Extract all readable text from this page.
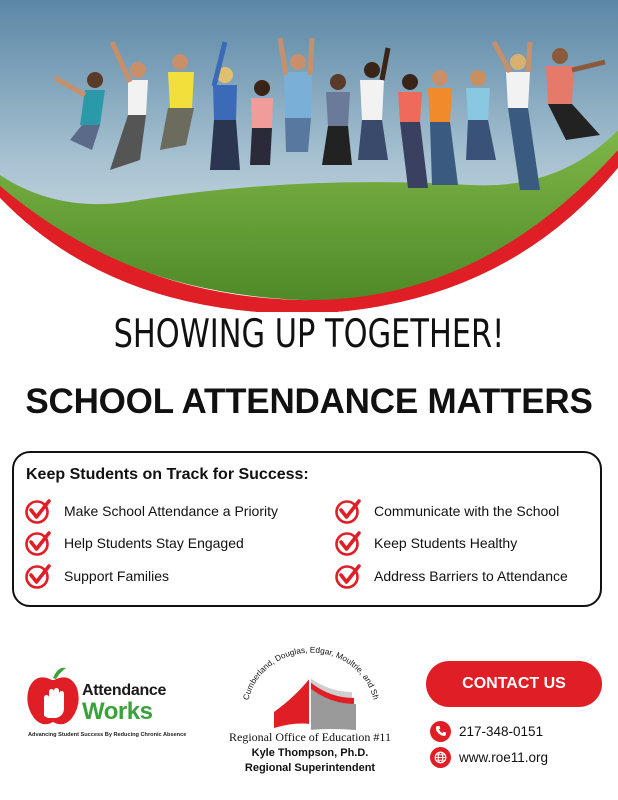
SHOWING UP TOGETHER!
SCHOOL ATTENDANCE MATTERS
Keep Students on Track for Success:
Make School Attendance a Priority
Help Students Stay Engaged
Support Families
Communicate with the School
Keep Students Healthy
Address Barriers to Attendance
Attendance
Works
Advancing Student Success By Reducing Chronic Absence
Cumberland, Douglas, Edgar, Moultrie, and Sh
Regional Office of Education #11
Kyle Thompson, Ph.D.
Regional Superintendent
CONTACT US
217-348-0151
www.roe11.org
